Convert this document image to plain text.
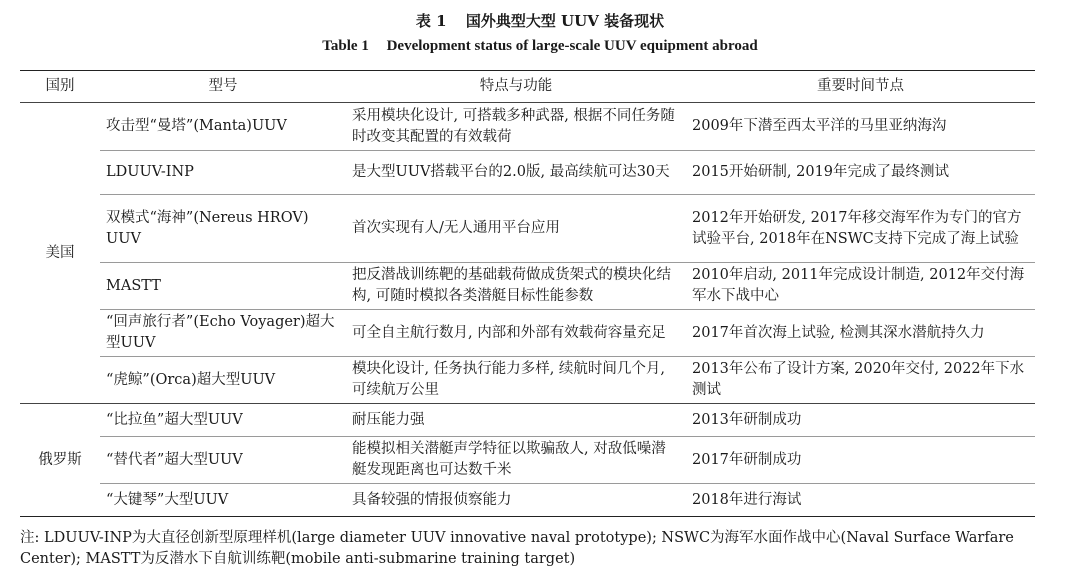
表 1 国外典型大型 UUV 装备现状
Table 1 Development status of large-scale UUV equipment abroad
国别	型号	特点与功能	重要时间节点
美国	攻击型“曼塔”(Manta)UUV	采用模块化设计, 可搭载多种武器, 根据不同任务随时改变其配置的有效载荷	2009年下潜至西太平洋的马里亚纳海沟
	LDUUV-INP	是大型UUV搭载平台的2.0版, 最高续航可达30天	2015开始研制, 2019年完成了最终测试
	双模式“海神”(Nereus HROV) UUV	首次实现有人/无人通用平台应用	2012年开始研发, 2017年移交海军作为专门的官方试验平台, 2018年在NSWC支持下完成了海上试验
	MASTT	把反潜战训练靶的基础载荷做成货架式的模块化结构, 可随时模拟各类潜艇目标性能参数	2010年启动, 2011年完成设计制造, 2012年交付海军水下战中心
	“回声旅行者”(Echo Voyager)超大型UUV	可全自主航行数月, 内部和外部有效载荷容量充足	2017年首次海上试验, 检测其深水潜航持久力
	“虎鲸”(Orca)超大型UUV	模块化设计, 任务执行能力多样, 续航时间几个月, 可续航万公里	2013年公布了设计方案, 2020年交付, 2022年下水测试
俄罗斯	“比拉鱼”超大型UUV	耐压能力强	2013年研制成功
	“替代者”超大型UUV	能模拟相关潜艇声学特征以欺骗敌人, 对敌低噪潜艇发现距离也可达数千米	2017年研制成功
	“大键琴”大型UUV	具备较强的情报侦察能力	2018年进行海试
注: LDUUV-INP为大直径创新型原理样机(large diameter UUV innovative naval prototype); NSWC为海军水面作战中心(Naval Surface Warfare Center); MASTT为反潜水下自航训练靶(mobile anti-submarine training target)
